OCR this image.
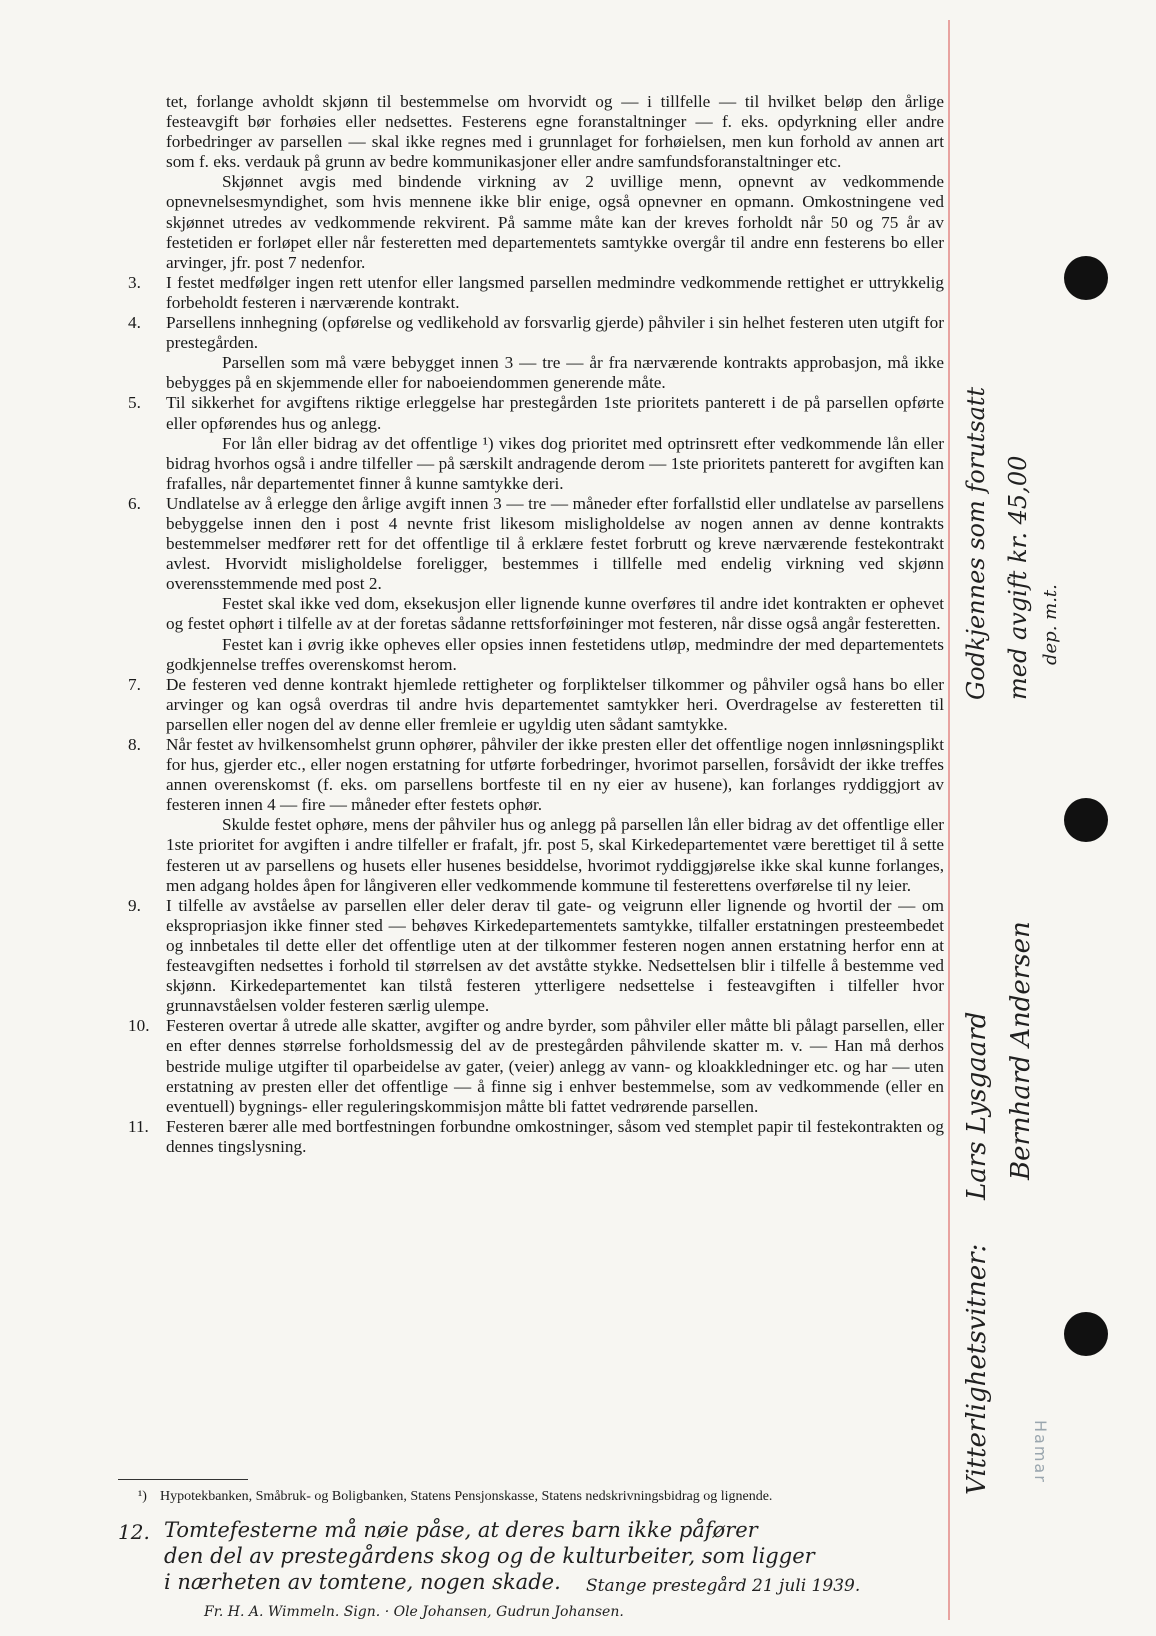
tet, forlange avholdt skjønn til bestemmelse om hvorvidt og — i tillfelle — til hvilket beløp den årlige festeavgift bør forhøies eller nedsettes. Festerens egne foranstaltninger — f. eks. opdyrkning eller andre forbedringer av parsellen — skal ikke regnes med i grunnlaget for forhøielsen, men kun forhold av annen art som f. eks. verdauk på grunn av bedre kommunikasjoner eller andre samfundsforanstaltninger etc.

Skjønnet avgis med bindende virkning av 2 uvillige menn, opnevnt av vedkommende opnevnelsesmyndighet, som hvis mennene ikke blir enige, også opnevner en opmann. Omkostningene ved skjønnet utredes av vedkommende rekvirent. På samme måte kan der kreves forholdt når 50 og 75 år av festetiden er forløpet eller når festeretten med departementets samtykke overgår til andre enn festerens bo eller arvinger, jfr. post 7 nedenfor.

3.	I festet medfølger ingen rett utenfor eller langsmed parsellen medmindre vedkommende rettighet er uttrykkelig forbeholdt festeren i nærværende kontrakt.
4.	Parsellens innhegning (opførelse og vedlikehold av forsvarlig gjerde) påhviler i sin helhet festeren uten utgift for prestegården.

Parsellen som må være bebygget innen 3 — tre — år fra nærværende kontrakts approbasjon, må ikke bebygges på en skjemmende eller for naboeiendommen generende måte.

5.	Til sikkerhet for avgiftens riktige erleggelse har prestegården 1ste prioritets panterett i de på parsellen opførte eller opførendes hus og anlegg.

For lån eller bidrag av det offentlige ¹) vikes dog prioritet med optrinsrett efter vedkommende lån eller bidrag hvorhos også i andre tilfeller — på særskilt andragende derom — 1ste prioritets panterett for avgiften kan frafalles, når departementet finner å kunne samtykke deri.

6.	Undlatelse av å erlegge den årlige avgift innen 3 — tre — måneder efter forfallstid eller undlatelse av parsellens bebyggelse innen den i post 4 nevnte frist likesom misligholdelse av nogen annen av denne kontrakts bestemmelser medfører rett for det offentlige til å erklære festet forbrutt og kreve nærværende festekontrakt avlest. Hvorvidt misligholdelse foreligger, bestemmes i tillfelle med endelig virkning ved skjønn overensstemmende med post 2.

Festet skal ikke ved dom, eksekusjon eller lignende kunne overføres til andre idet kontrakten er ophevet og festet ophørt i tilfelle av at der foretas sådanne rettsforføininger mot festeren, når disse også angår festeretten.

Festet kan i øvrig ikke opheves eller opsies innen festetidens utløp, medmindre der med departementets godkjennelse treffes overenskomst herom.

7.	De festeren ved denne kontrakt hjemlede rettigheter og forpliktelser tilkommer og påhviler også hans bo eller arvinger og kan også overdras til andre hvis departementet samtykker heri. Overdragelse av festeretten til parsellen eller nogen del av denne eller fremleie er ugyldig uten sådant samtykke.
8.	Når festet av hvilkensomhelst grunn ophører, påhviler der ikke presten eller det offentlige nogen innløsningsplikt for hus, gjerder etc., eller nogen erstatning for utførte forbedringer, hvorimot parsellen, forsåvidt der ikke treffes annen overenskomst (f. eks. om parsellens bortfeste til en ny eier av husene), kan forlanges ryddiggjort av festeren innen 4 — fire — måneder efter festets ophør.

Skulde festet ophøre, mens der påhviler hus og anlegg på parsellen lån eller bidrag av det offentlige eller 1ste prioritet for avgiften i andre tilfeller er frafalt, jfr. post 5, skal Kirkedepartementet være berettiget til å sette festeren ut av parsellens og husets eller husenes besiddelse, hvorimot ryddiggjørelse ikke skal kunne forlanges, men adgang holdes åpen for långiveren eller vedkommende kommune til festerettens overførelse til ny leier.

9.	I tilfelle av avståelse av parsellen eller deler derav til gate- og veigrunn eller lignende og hvortil der — om ekspropriasjon ikke finner sted — behøves Kirkedepartementets samtykke, tilfaller erstatningen presteembedet og innbetales til dette eller det offentlige uten at der tilkommer festeren nogen annen erstatning herfor enn at festeavgiften nedsettes i forhold til størrelsen av det avståtte stykke. Nedsettelsen blir i tilfelle å bestemme ved skjønn. Kirkedepartementet kan tilstå festeren ytterligere nedsettelse i festeavgiften i tilfeller hvor grunnavståelsen volder festeren særlig ulempe.
10. Festeren overtar å utrede alle skatter, avgifter og andre byrder, som påhviler eller måtte bli pålagt parsellen, eller en efter dennes størrelse forholdsmessig del av de prestegården påhvilende skatter m. v. — Han må derhos bestride mulige utgifter til oparbeidelse av gater, (veier) anlegg av vann- og kloakkledninger etc. og har — uten erstatning av presten eller det offentlige — å finne sig i enhver bestemmelse, som av vedkommende (eller en eventuell) bygnings- eller reguleringskommisjon måtte bli fattet vedrørende parsellen.
11. Festeren bærer alle med bortfestningen forbundne omkostninger, såsom ved stemplet papir til festekontrakten og dennes tingslysning.
¹) Hypotekbanken, Småbruk- og Boligbanken, Statens Pensjonskasse, Statens nedskrivningsbidrag og lignende.
12. Tomtefesterne må nøie påse, at deres barn ikke påfører
den del av prestegårdens skog og de kulturbeiter, som ligger
i nærheten av tomtene, nogen skade. Stange prestegård 21 juli 1939.
Fr. H. A. Wimmeln. Sign. · Ole Johansen, Gudrun Johansen.
Godkjennes som forutsatt med avgift kr. 45,00 dep. m.t.
Vitterlighetsvitner:
Lars Lysgaard Bernhard Andersen
Hamar
